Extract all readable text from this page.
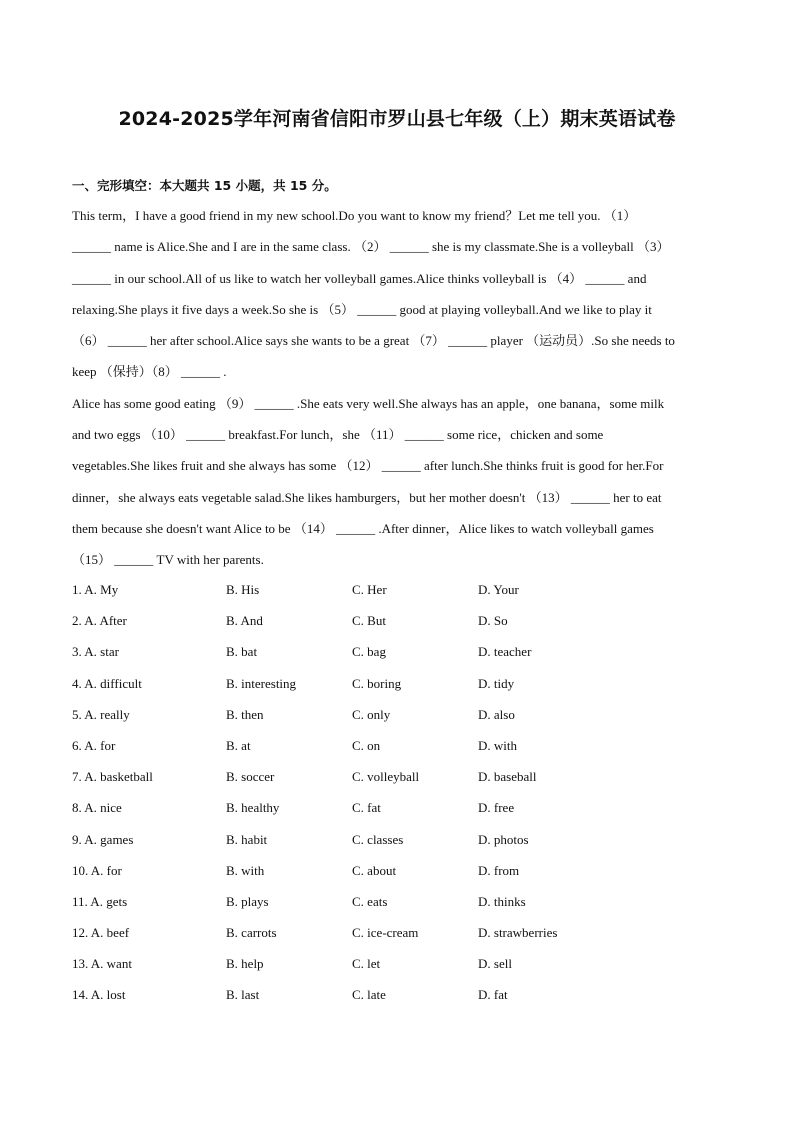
2024-2025学年河南省信阳市罗山县七年级（上）期末英语试卷
一、完形填空：本大题共 15 小题，共 15 分。
This term，I have a good friend in my new school.Do you want to know my friend？Let me tell you. （1）
______ name is Alice.She and I are in the same class. （2） ______ she is my classmate.She is a volleyball （3）
______ in our school.All of us like to watch her volleyball games.Alice thinks volleyball is （4） ______ and
relaxing.She plays it five days a week.So she is （5） ______ good at playing volleyball.And we like to play it
（6） ______ her after school.Alice says she wants to be a great （7） ______ player （运动员）.So she needs to
keep （保持）（8） ______ .
Alice has some good eating （9） ______ .She eats very well.She always has an apple，one banana，some milk
and two eggs （10） ______ breakfast.For lunch，she （11） ______ some rice，chicken and some
vegetables.She likes fruit and she always has some （12） ______ after lunch.She thinks fruit is good for her.For
dinner，she always eats vegetable salad.She likes hamburgers，but her mother doesn't （13） ______ her to eat
them because she doesn't want Alice to be （14） ______ .After dinner，Alice likes to watch volleyball games
（15） ______ TV with her parents.
1. A. My	B. His	C. Her	D. Your
2. A. After	B. And	C. But	D. So
3. A. star	B. bat	C. bag	D. teacher
4. A. difficult	B. interesting	C. boring	D. tidy
5. A. really	B. then	C. only	D. also
6. A. for	B. at	C. on	D. with
7. A. basketball	B. soccer	C. volleyball	D. baseball
8. A. nice	B. healthy	C. fat	D. free
9. A. games	B. habit	C. classes	D. photos
10. A. for	B. with	C. about	D. from
11. A. gets	B. plays	C. eats	D. thinks
12. A. beef	B. carrots	C. ice-cream	D. strawberries
13. A. want	B. help	C. let	D. sell
14. A. lost	B. last	C. late	D. fat
